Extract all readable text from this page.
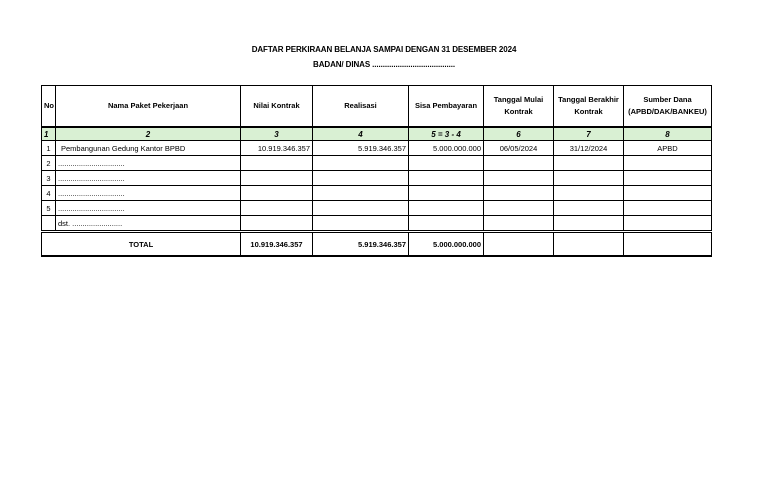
DAFTAR PERKIRAAN BELANJA SAMPAI DENGAN 31 DESEMBER 2024
BADAN/ DINAS .......................................
No	Nama Paket Pekerjaan	Nilai Kontrak	Realisasi	Sisa Pembayaran	Tanggal Mulai Kontrak	Tanggal Berakhir Kontrak	Sumber Dana (APBD/DAK/BANKEU)
1	2	3	4	5 = 3 - 4	6	7	8
1	Pembangunan Gedung Kantor BPBD	10.919.346.357	5.919.346.357	5.000.000.000	06/05/2024	31/12/2024	APBD
2	................................						
3	................................						
4	................................						
5	................................						
	dst. ........................						
TOTAL		10.919.346.357	5.919.346.357	5.000.000.000			
